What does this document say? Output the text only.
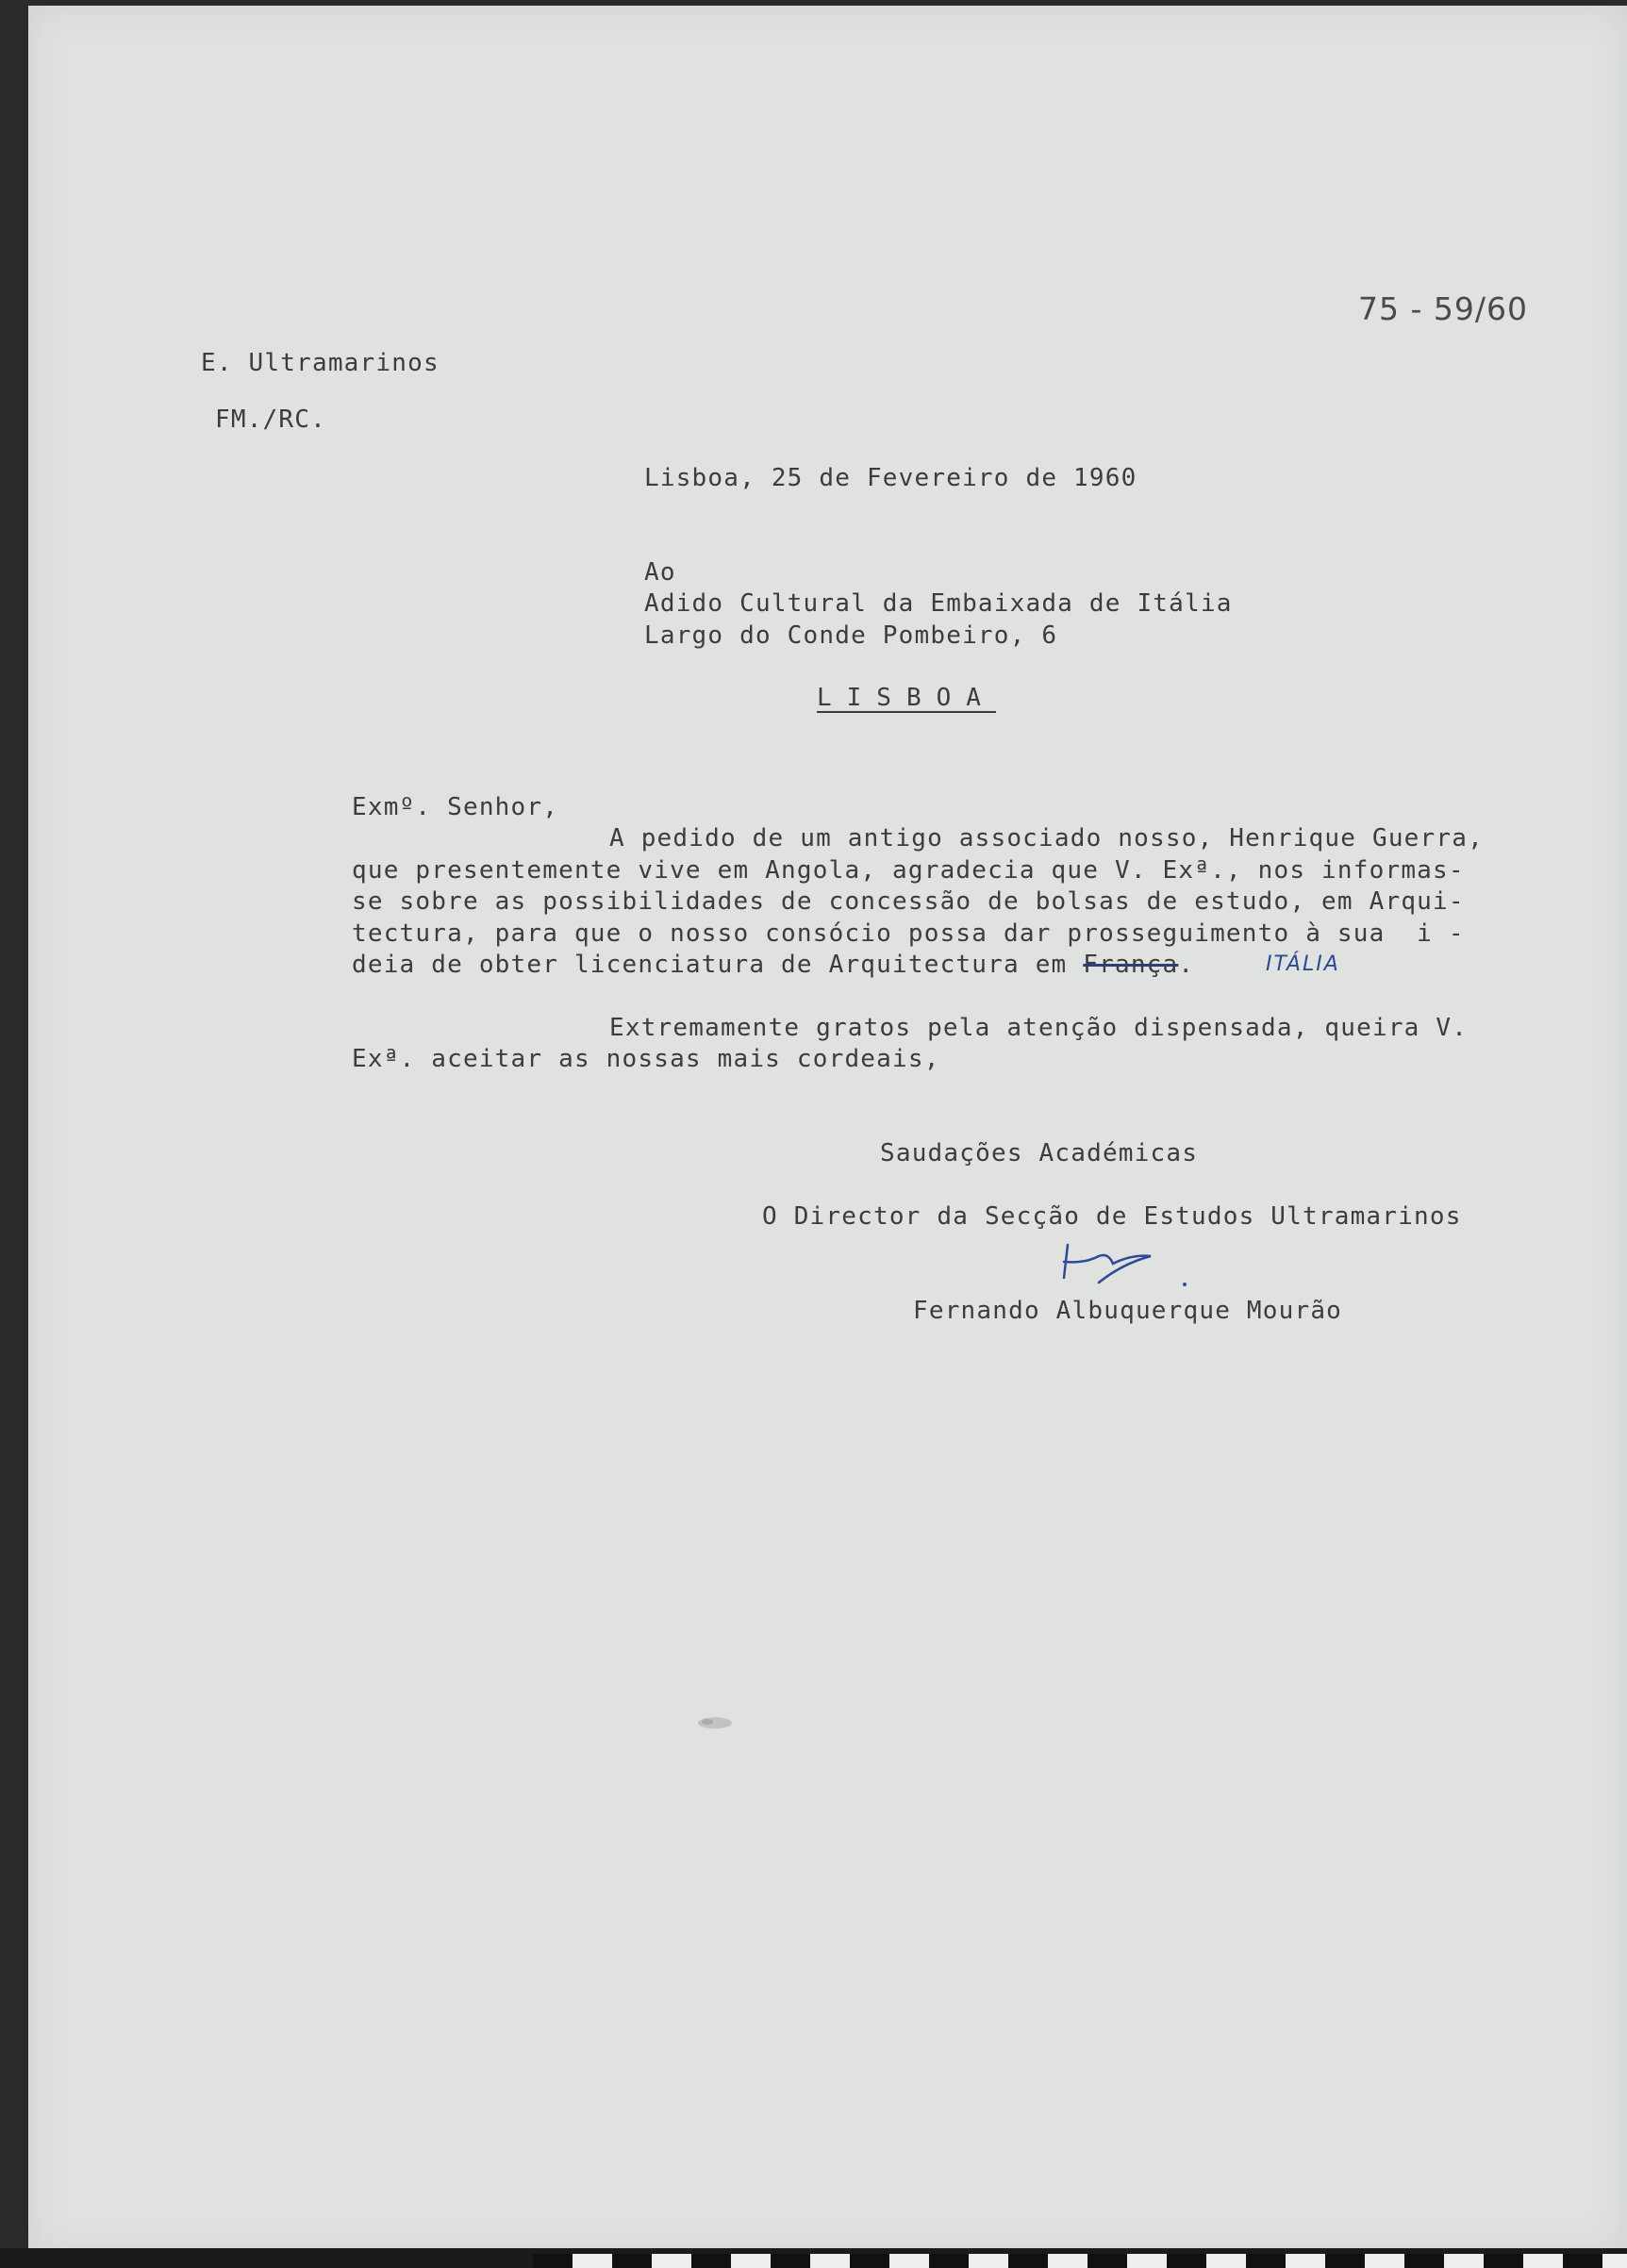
75 - 59/60
E. Ultramarinos
FM./RC.
Lisboa, 25 de Fevereiro de 1960
Ao
Adido Cultural da Embaixada de Itália
Largo do Conde Pombeiro, 6
LISBOA
Exmº. Senhor,
A pedido de um antigo associado nosso, Henrique Guerra,
que presentemente vive em Angola, agradecia que V. Exª., nos informas-
se sobre as possibilidades de concessão de bolsas de estudo, em Arqui-
tectura, para que o nosso consócio possa dar prosseguimento à sua  i -
deia de obter licenciatura de Arquitectura em França.	ITÁLIA
Extremamente gratos pela atenção dispensada, queira V.
Exª. aceitar as nossas mais cordeais,
Saudações Académicas
O Director da Secção de Estudos Ultramarinos
Fernando Albuquerque Mourão
